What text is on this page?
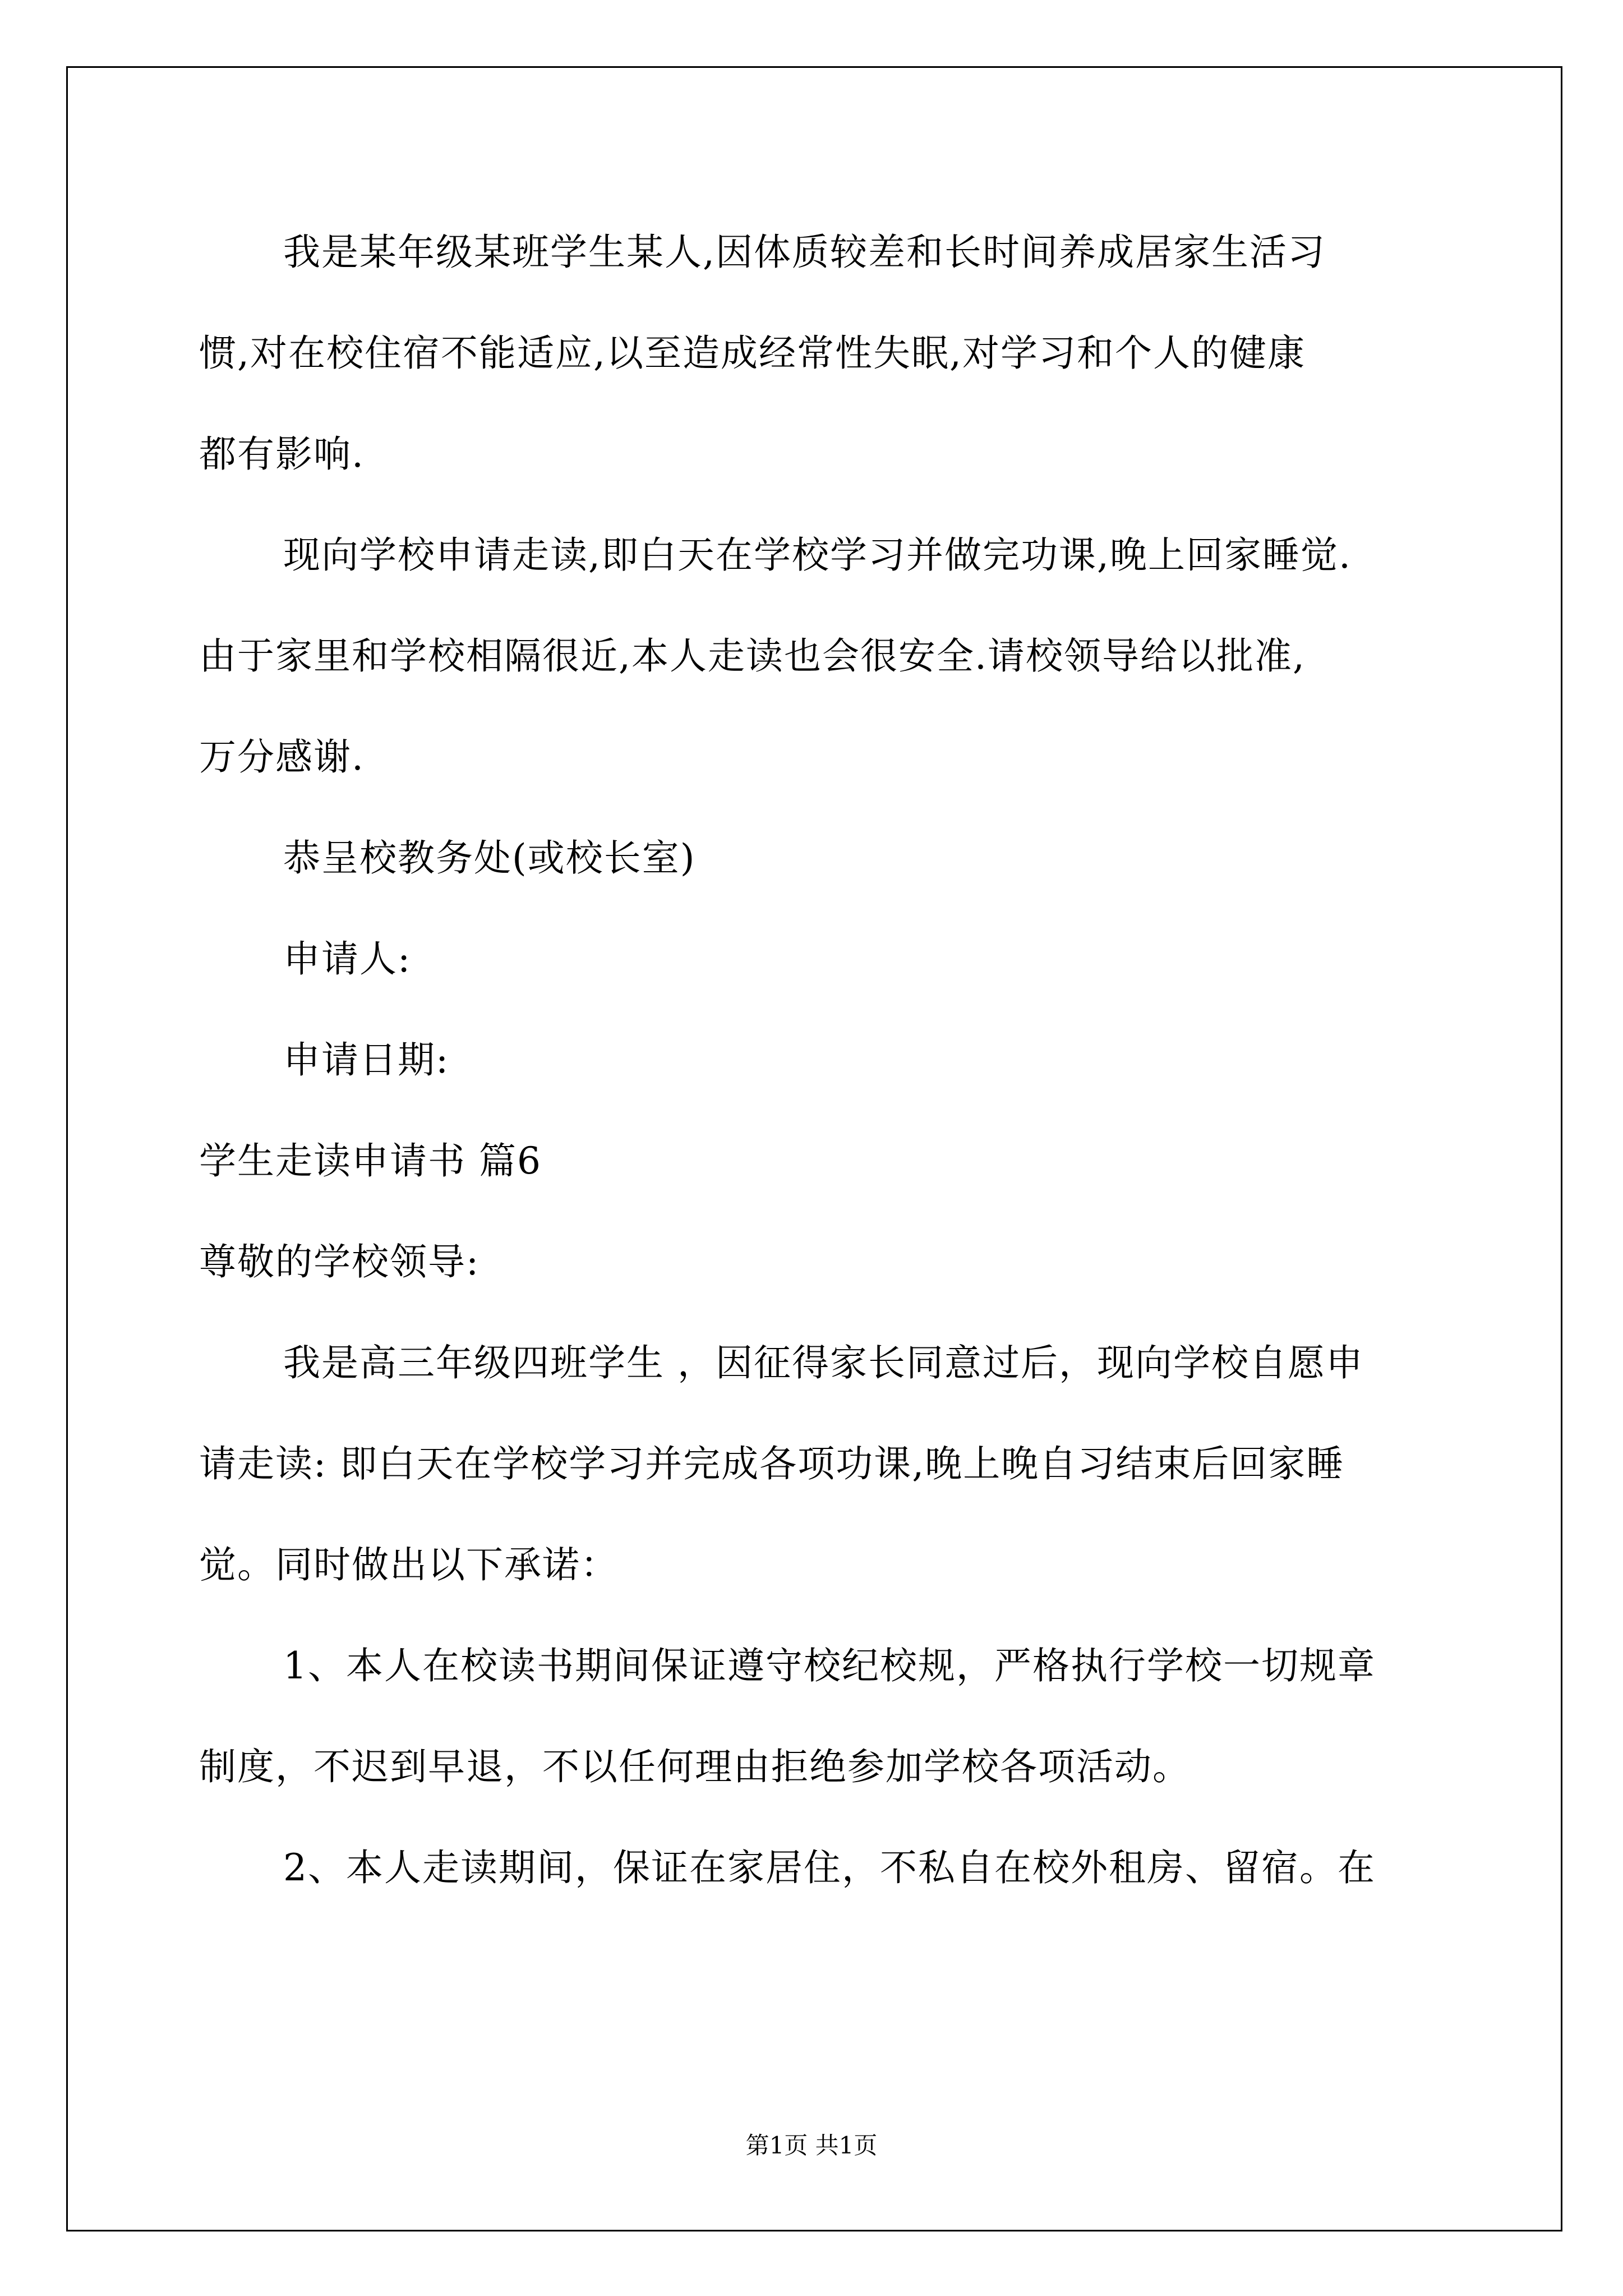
我是某年级某班学生某人,因体质较差和长时间养成居家生活习
惯,对在校住宿不能适应,以至造成经常性失眠,对学习和个人的健康
都有影响.
现向学校申请走读,即白天在学校学习并做完功课,晚上回家睡觉.
由于家里和学校相隔很近,本人走读也会很安全.请校领导给以批准,
万分感谢.
恭呈校教务处(或校长室)
申请人:
申请日期:
学生走读申请书 篇6
尊敬的学校领导:
我是高三年级四班学生 ，因征得家长同意过后，现向学校自愿申
请走读: 即白天在学校学习并完成各项功课,晚上晚自习结束后回家睡
觉。同时做出以下承诺：
1、本人在校读书期间保证遵守校纪校规，严格执行学校一切规章
制度，不迟到早退，不以任何理由拒绝参加学校各项活动。
2、本人走读期间，保证在家居住，不私自在校外租房、留宿。在
第1页 共1页
